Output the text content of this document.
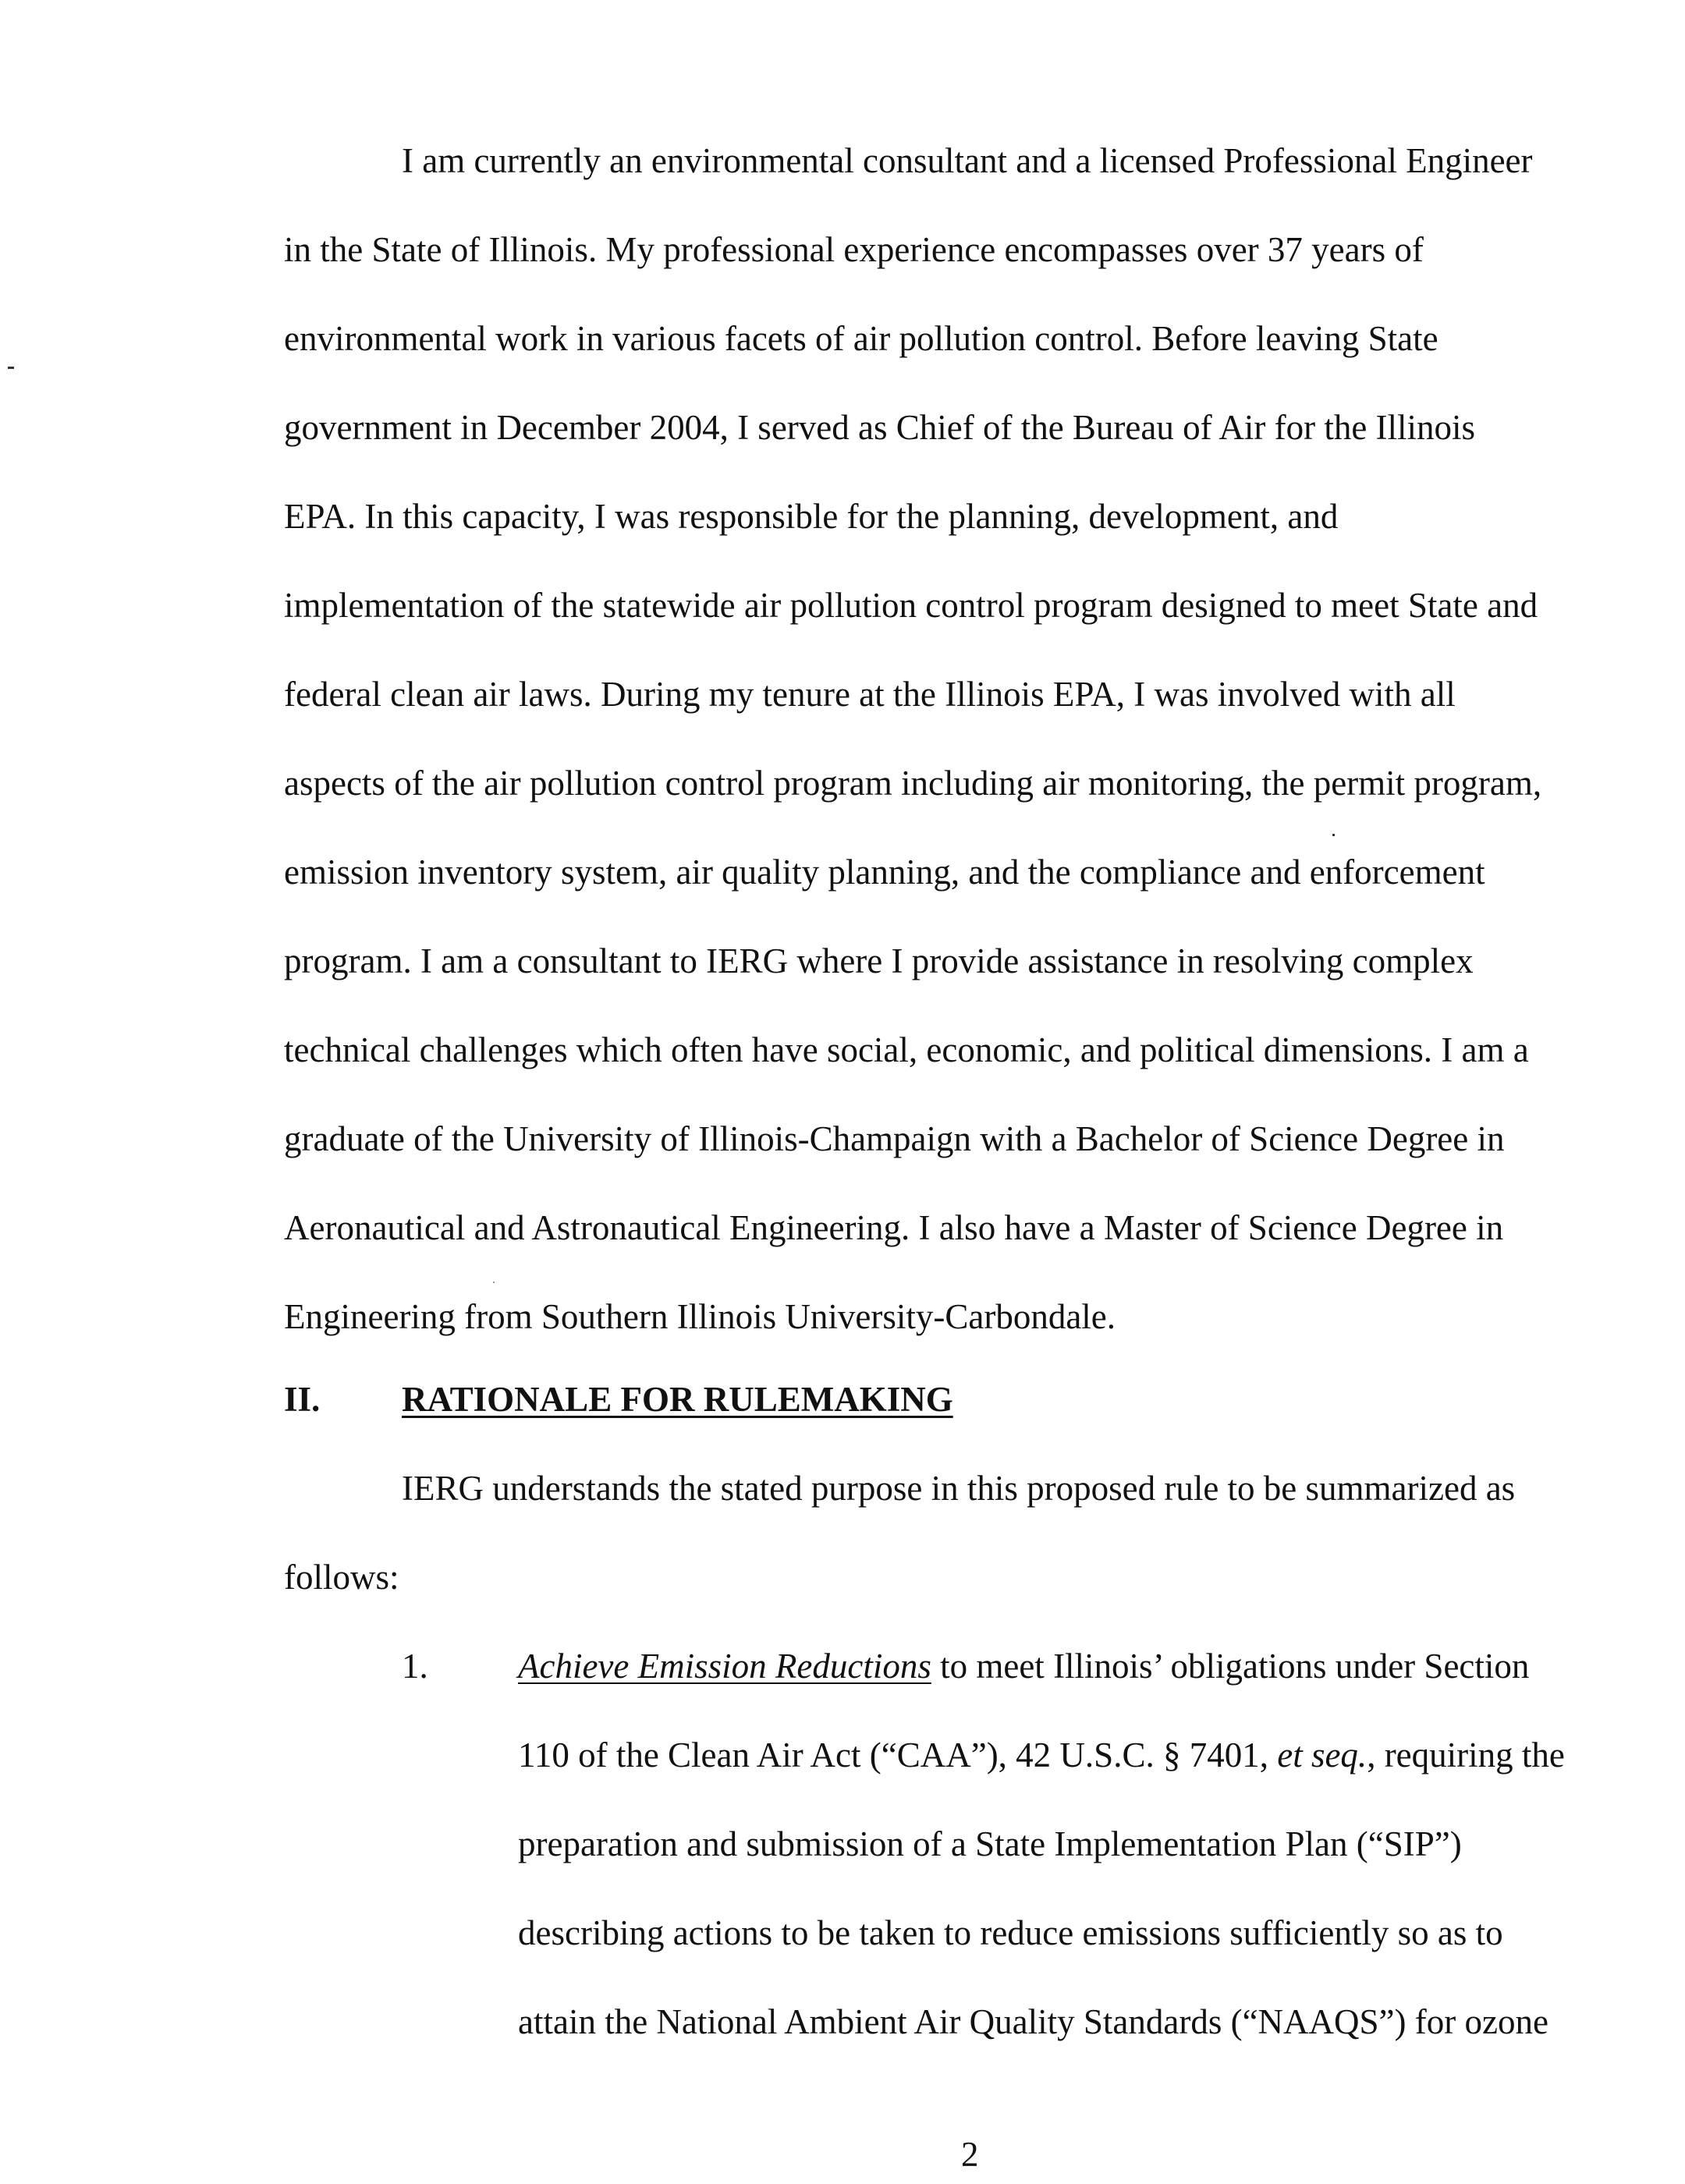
I am currently an environmental consultant and a licensed Professional Engineer
in the State of Illinois. My professional experience encompasses over 37 years of
environmental work in various facets of air pollution control. Before leaving State
government in December 2004, I served as Chief of the Bureau of Air for the Illinois
EPA. In this capacity, I was responsible for the planning, development, and
implementation of the statewide air pollution control program designed to meet State and
federal clean air laws. During my tenure at the Illinois EPA, I was involved with all
aspects of the air pollution control program including air monitoring, the permit program,
emission inventory system, air quality planning, and the compliance and enforcement
program. I am a consultant to IERG where I provide assistance in resolving complex
technical challenges which often have social, economic, and political dimensions. I am a
graduate of the University of Illinois-Champaign with a Bachelor of Science Degree in
Aeronautical and Astronautical Engineering. I also have a Master of Science Degree in
Engineering from Southern Illinois University-Carbondale.
II. RATIONALE FOR RULEMAKING
IERG understands the stated purpose in this proposed rule to be summarized as
follows:
1.	Achieve Emission Reductions to meet Illinois’ obligations under Section
110 of the Clean Air Act (“CAA”), 42 U.S.C. § 7401, et seq., requiring the
preparation and submission of a State Implementation Plan (“SIP”)
describing actions to be taken to reduce emissions sufficiently so as to
attain the National Ambient Air Quality Standards (“NAAQS”) for ozone
2
